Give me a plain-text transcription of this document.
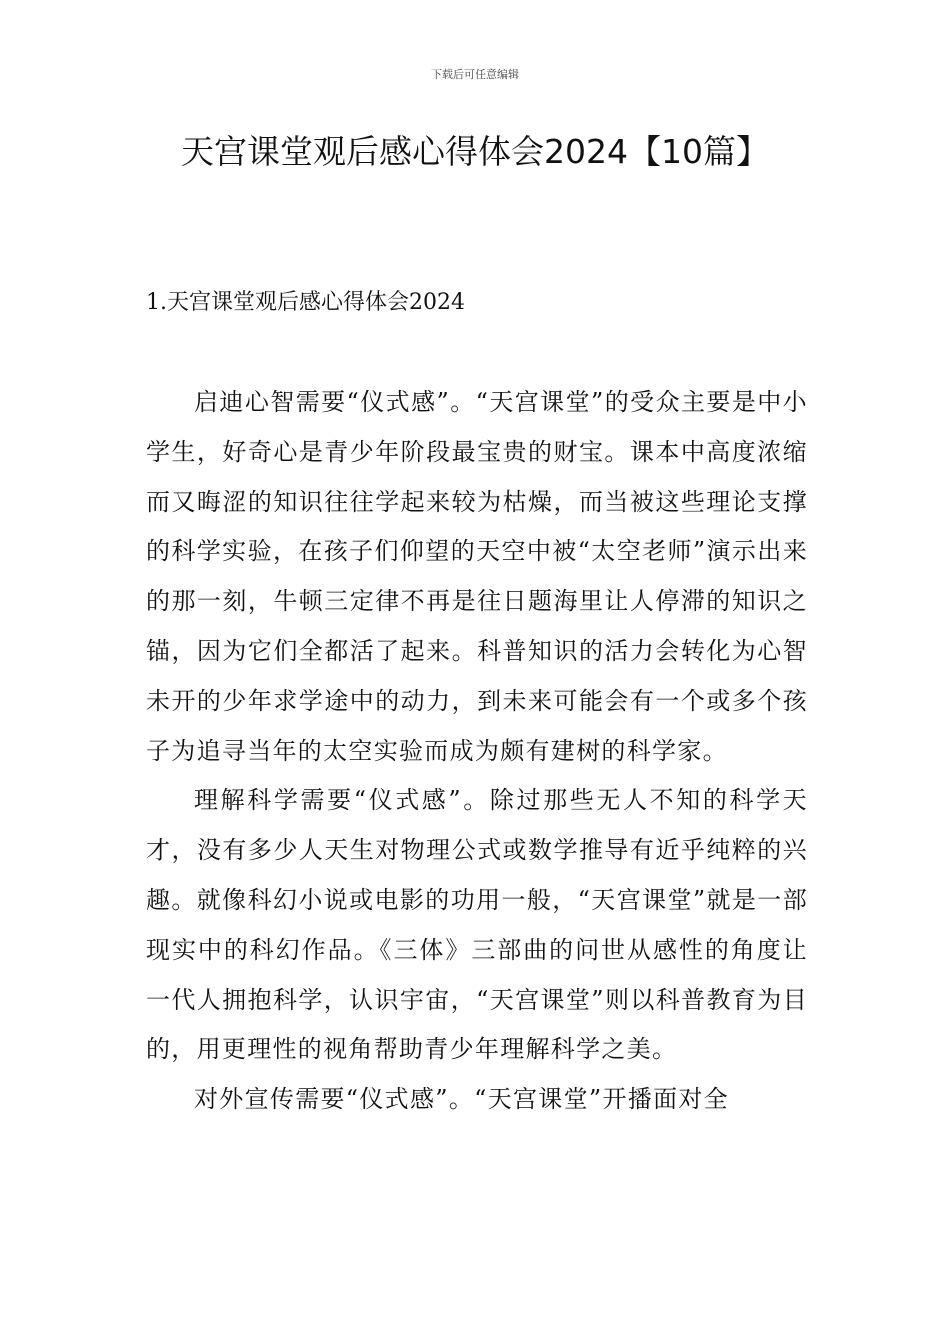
下载后可任意编辑
天宫课堂观后感心得体会2024【10篇】
1.天宫课堂观后感心得体会2024

启迪心智需要“仪式感”。“天宫课堂”的受众主要是中小学生，好奇心是青少年阶段最宝贵的财宝。课本中高度浓缩而又晦涩的知识往往学起来较为枯燥，而当被这些理论支撑的科学实验，在孩子们仰望的天空中被“太空老师”演示出来的那一刻，牛顿三定律不再是往日题海里让人停滞的知识之锚，因为它们全都活了起来。科普知识的活力会转化为心智未开的少年求学途中的动力，到未来可能会有一个或多个孩子为追寻当年的太空实验而成为颇有建树的科学家。

理解科学需要“仪式感”。除过那些无人不知的科学天才，没有多少人天生对物理公式或数学推导有近乎纯粹的兴趣。就像科幻小说或电影的功用一般，“天宫课堂”就是一部现实中的科幻作品。《三体》三部曲的问世从感性的角度让一代人拥抱科学，认识宇宙，“天宫课堂”则以科普教育为目的，用更理性的视角帮助青少年理解科学之美。

对外宣传需要“仪式感”。“天宫课堂”开播面对全
